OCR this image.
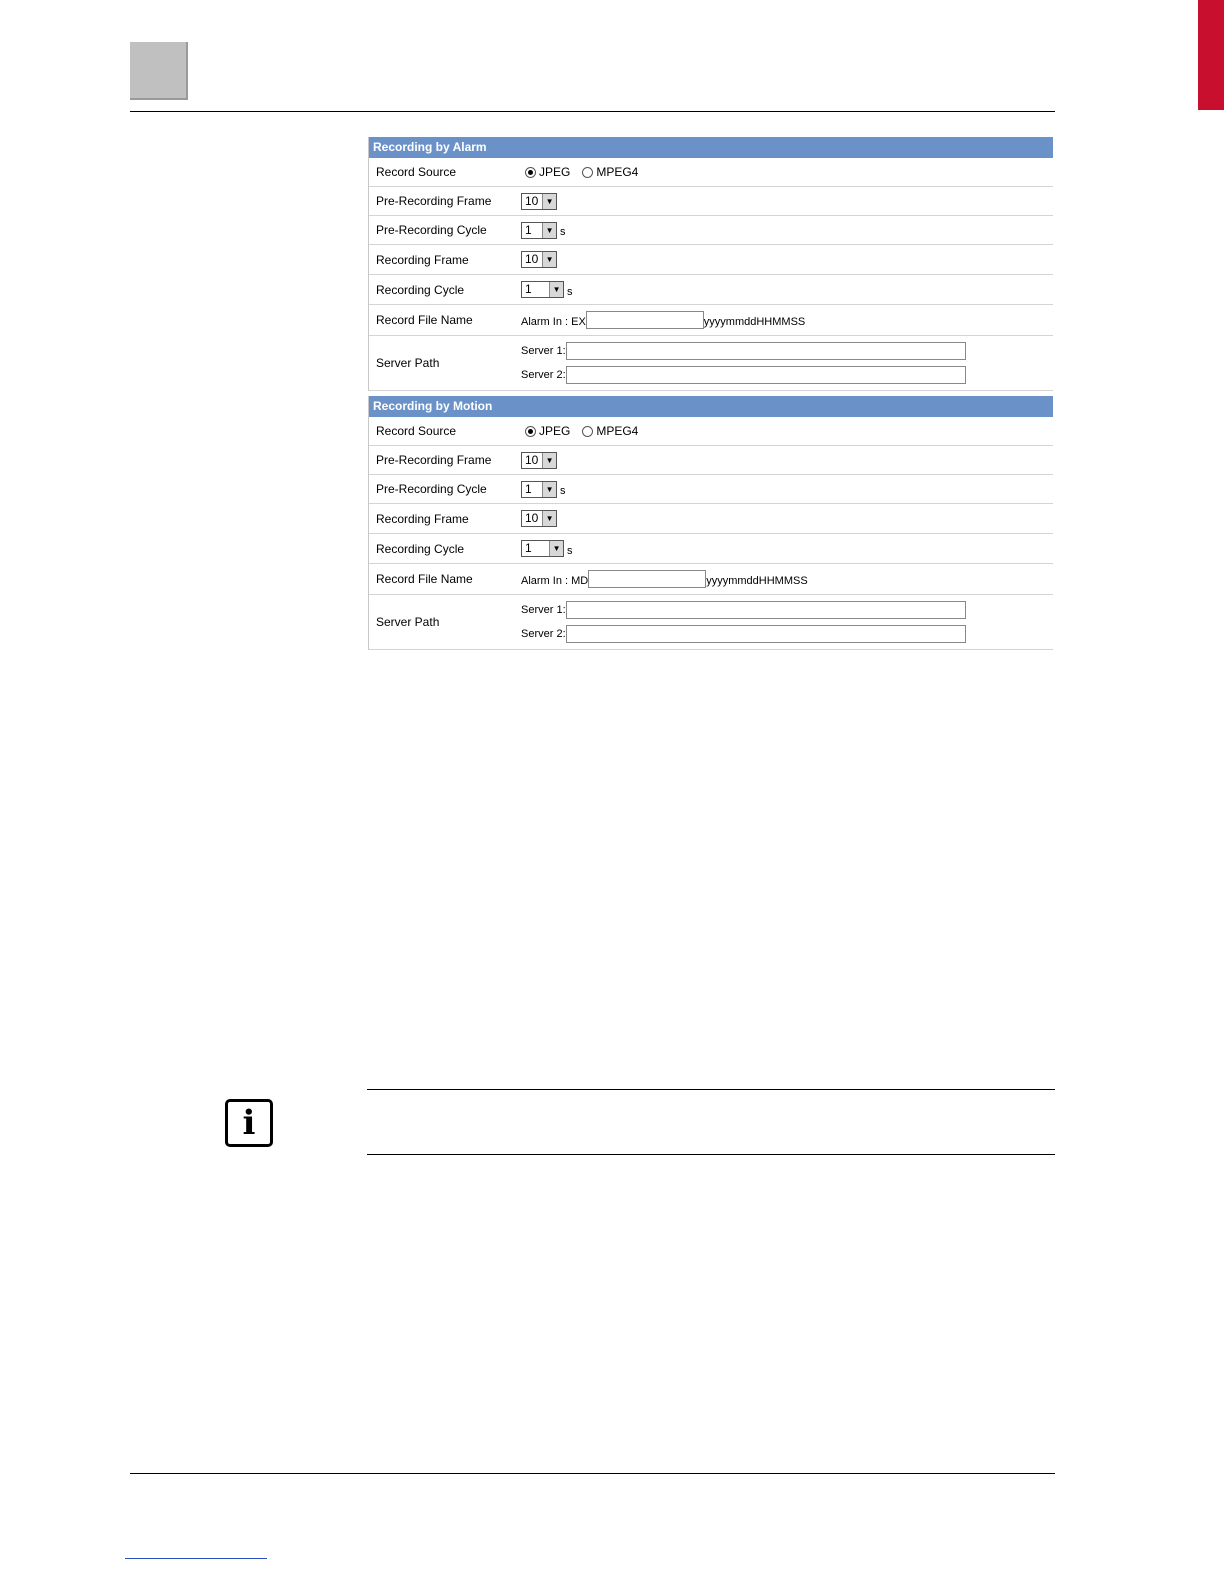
Recording by Alarm
Record Source	JPEG MPEG4
Pre-Recording Frame	10 ▼
Pre-Recording Cycle	1	▼ s
Recording Frame	10 ▼
Recording Cycle	1	▼ s
Record File Name	Alarm In : EX	yyyymmddHHMMSS
Server Path
Server 1:
Server 2:
Recording by Motion
Record Source	JPEG MPEG4
Pre-Recording Frame	10 ▼
Pre-Recording Cycle	1	▼ s
Recording Frame	10 ▼
Recording Cycle	1	▼ s
Record File Name	Alarm In : MD	yyyymmddHHMMSS
Server Path
Server 1:
Server 2:
i
